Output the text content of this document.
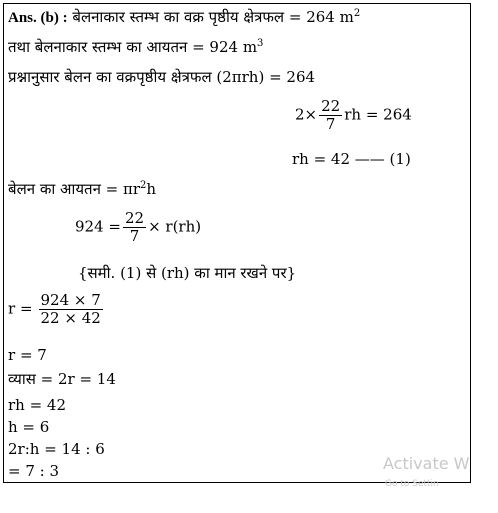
Ans. (b) : बेलनाकार स्तम्भ का वक्र पृष्ठीय क्षेत्रफल = 264 $m^2$
तथा बेलनाकार स्तम्भ का आयतन = 924 $m^3$
प्रश्नानुसार बेलन का वक्रपृष्ठीय क्षेत्रफल (2πrh) = 264
$2\times \frac{22}{7}$ rh = 264
rh = 42 —— (1)
बेलन का आयतन = $\pi r^2h$
$924 = \frac{22}{7} \times r(rh)$
{समी. (1) से (rh) का मान रखने पर}
$r = \frac{924 \times 7}{22 \times 42}$
r = 7
व्यास = 2r = 14
rh = 42
h = 6
2r:h = 14 : 6
= 7 : 3	Activate W
Go to Settin
